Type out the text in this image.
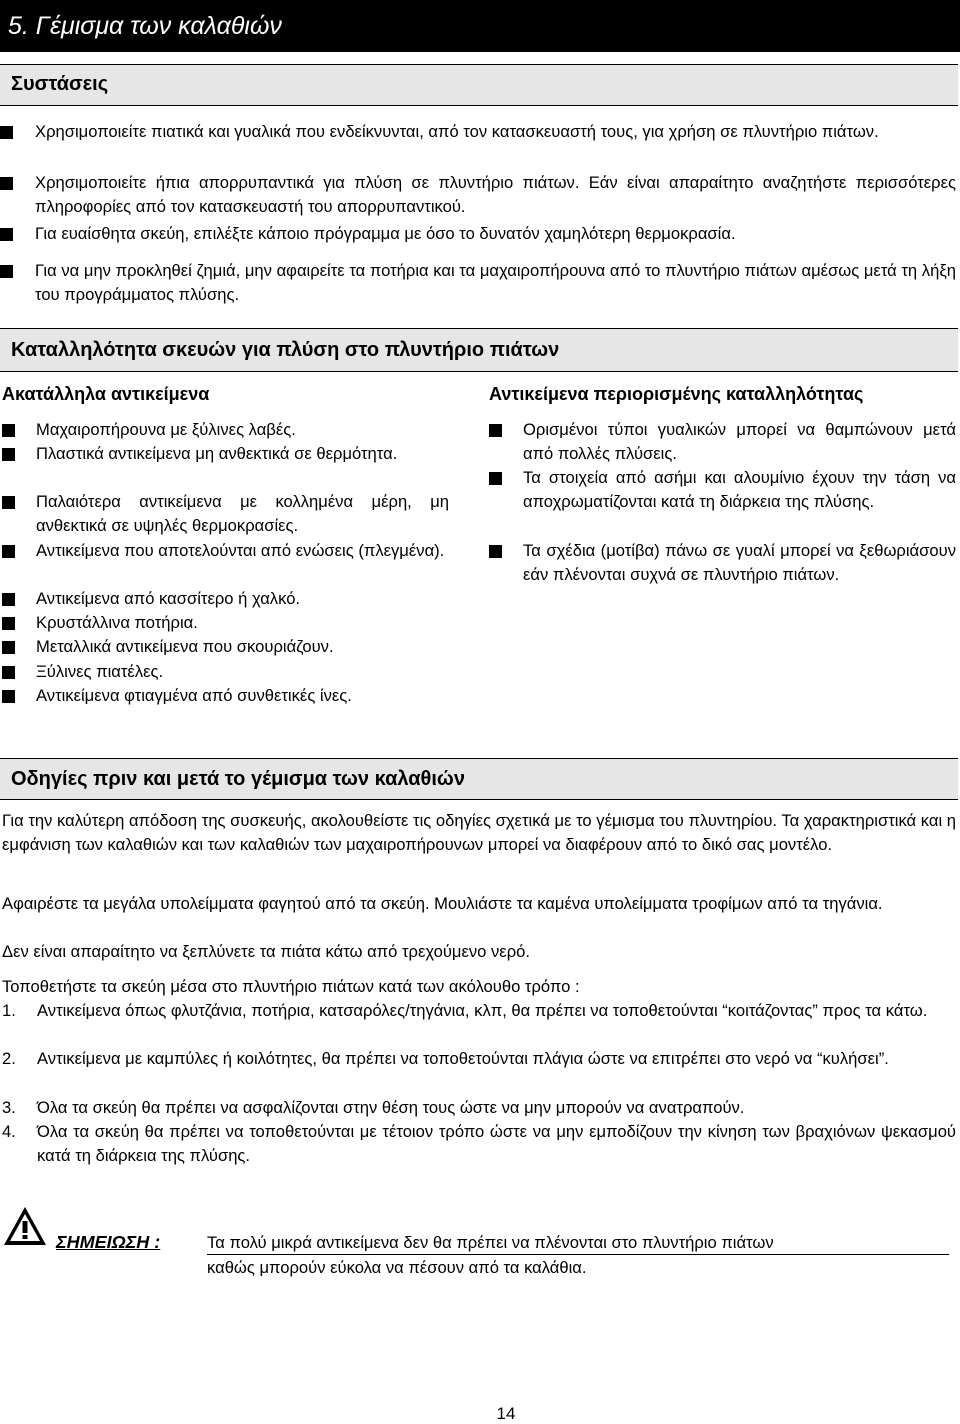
5. Γέμισμα των καλαθιών
Συστάσεις
Χρησιμοποιείτε πιατικά και γυαλικά που ενδείκνυνται, από τον κατασκευαστή τους, για χρήση σε πλυντήριο πιάτων.
Χρησιμοποιείτε ήπια απορρυπαντικά για πλύση σε πλυντήριο πιάτων. Εάν είναι απαραίτητο αναζητήστε περισσότερες πληροφορίες από τον κατασκευαστή του απορρυπαντικού.
Για ευαίσθητα σκεύη, επιλέξτε κάποιο πρόγραμμα με όσο το δυνατόν χαμηλότερη θερμοκρασία.
Για να μην προκληθεί ζημιά, μην αφαιρείτε τα ποτήρια και τα μαχαιροπήρουνα από το πλυντήριο πιάτων αμέσως μετά τη λήξη του προγράμματος πλύσης.
Καταλληλότητα σκευών για πλύση στο πλυντήριο πιάτων
Ακατάλληλα αντικείμενα	Αντικείμενα περιορισμένης καταλληλότητας
Μαχαιροπήρουνα με ξύλινες λαβές.
Πλαστικά αντικείμενα μη ανθεκτικά σε θερμότητα.
Παλαιότερα αντικείμενα με κολλημένα μέρη, μη ανθεκτικά σε υψηλές θερμοκρασίες.
Αντικείμενα που αποτελούνται από ενώσεις (πλεγμένα).
Αντικείμενα από κασσίτερο ή χαλκό.
Κρυστάλλινα ποτήρια.
Μεταλλικά αντικείμενα που σκουριάζουν.
Ξύλινες πιατέλες.
Αντικείμενα φτιαγμένα από συνθετικές ίνες.
Ορισμένοι τύποι γυαλικών μπορεί να θαμπώνουν μετά από πολλές πλύσεις.
Τα στοιχεία από ασήμι και αλουμίνιο έχουν την τάση να αποχρωματίζονται κατά τη διάρκεια της πλύσης.
Τα σχέδια (μοτίβα) πάνω σε γυαλί μπορεί να ξεθωριάσουν εάν πλένονται συχνά σε πλυντήριο πιάτων.
Οδηγίες πριν και μετά το γέμισμα των καλαθιών
Για την καλύτερη απόδοση της συσκευής, ακολουθείστε τις οδηγίες σχετικά με το γέμισμα του πλυντηρίου. Τα χαρακτηριστικά και η εμφάνιση των καλαθιών και των καλαθιών των μαχαιροπήρουνων μπορεί να διαφέρουν από το δικό σας μοντέλο.
Αφαιρέστε τα μεγάλα υπολείμματα φαγητού από τα σκεύη. Μουλιάστε τα καμένα υπολείμματα τροφίμων από τα τηγάνια.
Δεν είναι απαραίτητο να ξεπλύνετε τα πιάτα κάτω από τρεχούμενο νερό.
Τοποθετήστε τα σκεύη μέσα στο πλυντήριο πιάτων κατά των ακόλουθο τρόπο :
1. Αντικείμενα όπως φλυτζάνια, ποτήρια, κατσαρόλες/τηγάνια, κλπ, θα πρέπει να τοποθετούνται “κοιτάζοντας” προς τα κάτω.
2. Αντικείμενα με καμπύλες ή κοιλότητες, θα πρέπει να τοποθετούνται πλάγια ώστε να επιτρέπει στο νερό να “κυλήσει”.
3. Όλα τα σκεύη θα πρέπει να ασφαλίζονται στην θέση τους ώστε να μην μπορούν να ανατραπούν.
4. Όλα τα σκεύη θα πρέπει να τοποθετούνται με τέτοιον τρόπο ώστε να μην εμποδίζουν την κίνηση των βραχιόνων ψεκασμού κατά τη διάρκεια της πλύσης.
ΣΗΜΕΙΩΣΗ :	Τα πολύ μικρά αντικείμενα δεν θα πρέπει να πλένονται στο πλυντήριο πιάτων
καθώς μπορούν εύκολα να πέσουν από τα καλάθια.
14
